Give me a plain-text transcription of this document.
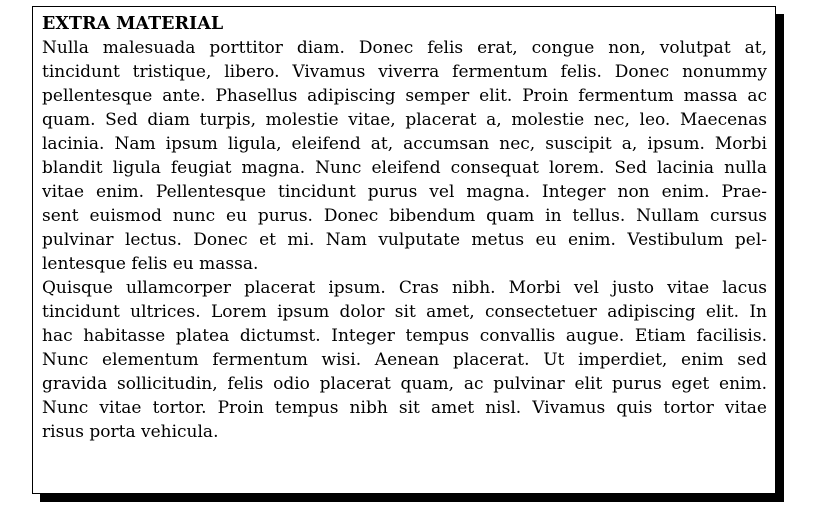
EXTRA MATERIAL
Nulla malesuada porttitor diam. Donec felis erat, congue non, volutpat at,
tincidunt tristique, libero. Vivamus viverra fermentum felis. Donec nonummy
pellentesque ante. Phasellus adipiscing semper elit. Proin fermentum massa ac
quam. Sed diam turpis, molestie vitae, placerat a, molestie nec, leo. Maecenas
lacinia. Nam ipsum ligula, eleifend at, accumsan nec, suscipit a, ipsum. Morbi
blandit ligula feugiat magna. Nunc eleifend consequat lorem. Sed lacinia nulla
vitae enim. Pellentesque tincidunt purus vel magna. Integer non enim. Prae-
sent euismod nunc eu purus. Donec bibendum quam in tellus. Nullam cursus
pulvinar lectus. Donec et mi. Nam vulputate metus eu enim. Vestibulum pel-
lentesque felis eu massa.
Quisque ullamcorper placerat ipsum. Cras nibh. Morbi vel justo vitae lacus
tincidunt ultrices. Lorem ipsum dolor sit amet, consectetuer adipiscing elit. In
hac habitasse platea dictumst. Integer tempus convallis augue. Etiam facilisis.
Nunc elementum fermentum wisi. Aenean placerat. Ut imperdiet, enim sed
gravida sollicitudin, felis odio placerat quam, ac pulvinar elit purus eget enim.
Nunc vitae tortor. Proin tempus nibh sit amet nisl. Vivamus quis tortor vitae
risus porta vehicula.
